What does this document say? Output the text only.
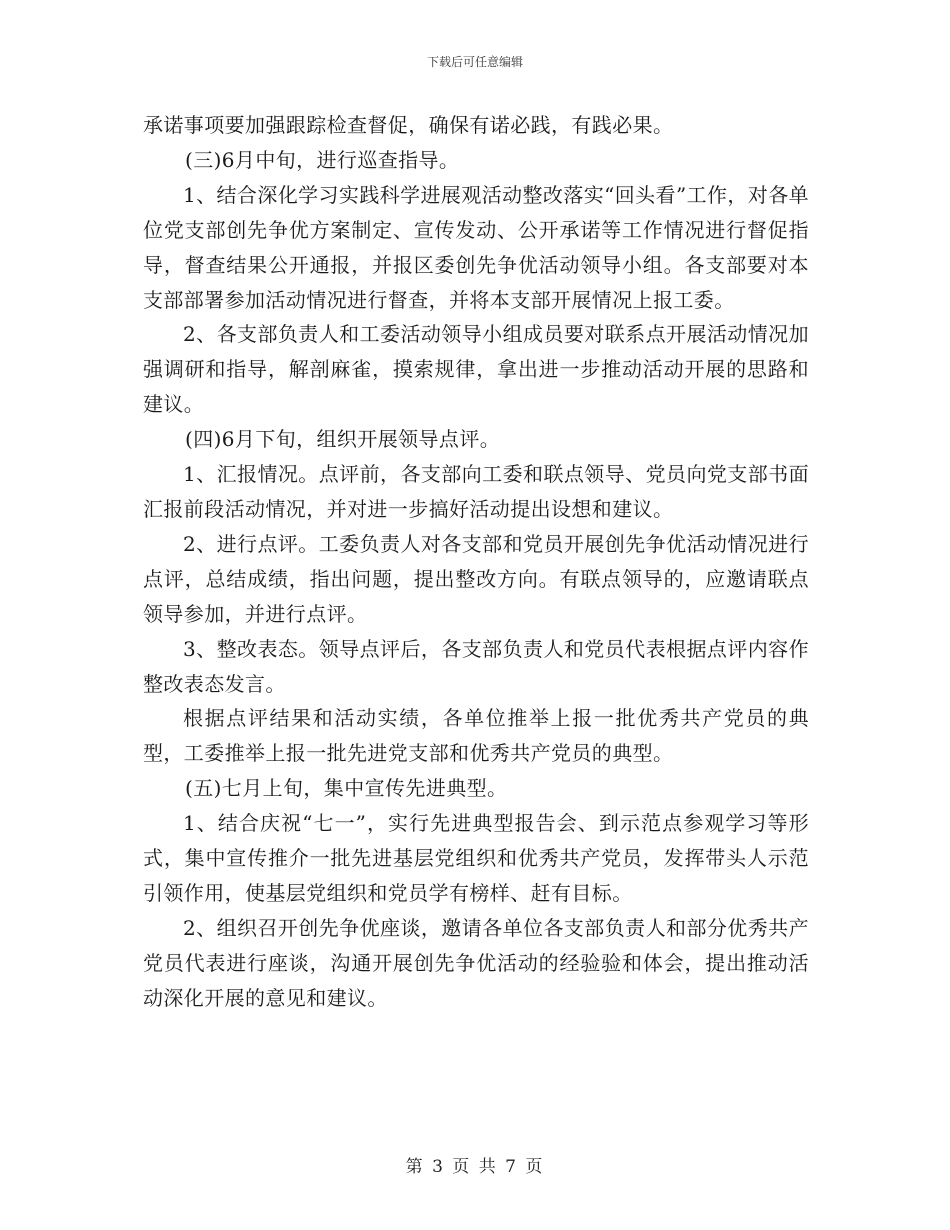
下载后可任意编辑

承诺事项要加强跟踪检查督促，确保有诺必践，有践必果。

(三)6月中旬，进行巡查指导。

1、结合深化学习实践科学进展观活动整改落实“回头看”工作，对各单位党支部创先争优方案制定、宣传发动、公开承诺等工作情况进行督促指导，督查结果公开通报，并报区委创先争优活动领导小组。各支部要对本支部部署参加活动情况进行督查，并将本支部开展情况上报工委。

2、各支部负责人和工委活动领导小组成员要对联系点开展活动情况加强调研和指导，解剖麻雀，摸索规律，拿出进一步推动活动开展的思路和建议。

(四)6月下旬，组织开展领导点评。

1、汇报情况。点评前，各支部向工委和联点领导、党员向党支部书面汇报前段活动情况，并对进一步搞好活动提出设想和建议。

2、进行点评。工委负责人对各支部和党员开展创先争优活动情况进行点评，总结成绩，指出问题，提出整改方向。有联点领导的，应邀请联点领导参加，并进行点评。

3、整改表态。领导点评后，各支部负责人和党员代表根据点评内容作整改表态发言。

根据点评结果和活动实绩，各单位推举上报一批优秀共产党员的典型，工委推举上报一批先进党支部和优秀共产党员的典型。

(五)七月上旬，集中宣传先进典型。

1、结合庆祝“七一”，实行先进典型报告会、到示范点参观学习等形式，集中宣传推介一批先进基层党组织和优秀共产党员，发挥带头人示范引领作用，使基层党组织和党员学有榜样、赶有目标。

2、组织召开创先争优座谈，邀请各单位各支部负责人和部分优秀共产党员代表进行座谈，沟通开展创先争优活动的经验验和体会，提出推动活动深化开展的意见和建议。

第 3 页 共 7 页
